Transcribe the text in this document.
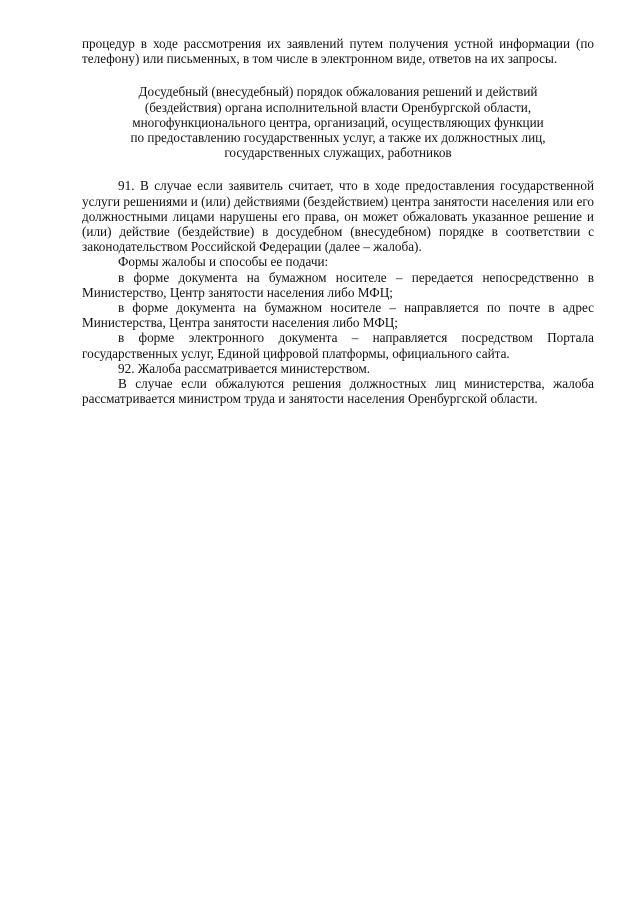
процедур в ходе рассмотрения их заявлений путем получения устной информации (по телефону) или письменных, в том числе в электронном виде, ответов на их запросы.

Досудебный (внесудебный) порядок обжалования решений и действий
(бездействия) органа исполнительной власти Оренбургской области,
многофункционального центра, организаций, осуществляющих функции
по предоставлению государственных услуг, а также их должностных лиц,
государственных служащих, работников

91. В случае если заявитель считает, что в ходе предоставления государственной услуги решениями и (или) действиями (бездействием) центра занятости населения или его должностными лицами нарушены его права, он может обжаловать указанное решение и (или) действие (бездействие) в досудебном (внесудебном) порядке в соответствии с законодательством Российской Федерации (далее – жалоба).

Формы жалобы и способы ее подачи:

в форме документа на бумажном носителе – передается непосредственно в Министерство, Центр занятости населения либо МФЦ;

в форме документа на бумажном носителе – направляется по почте в адрес Министерства, Центра занятости населения либо МФЦ;

в форме электронного документа – направляется посредством Портала государственных услуг, Единой цифровой платформы, официального сайта.

92. Жалоба рассматривается министерством.

В случае если обжалуются решения должностных лиц министерства, жалоба рассматривается министром труда и занятости населения Оренбургской области.
